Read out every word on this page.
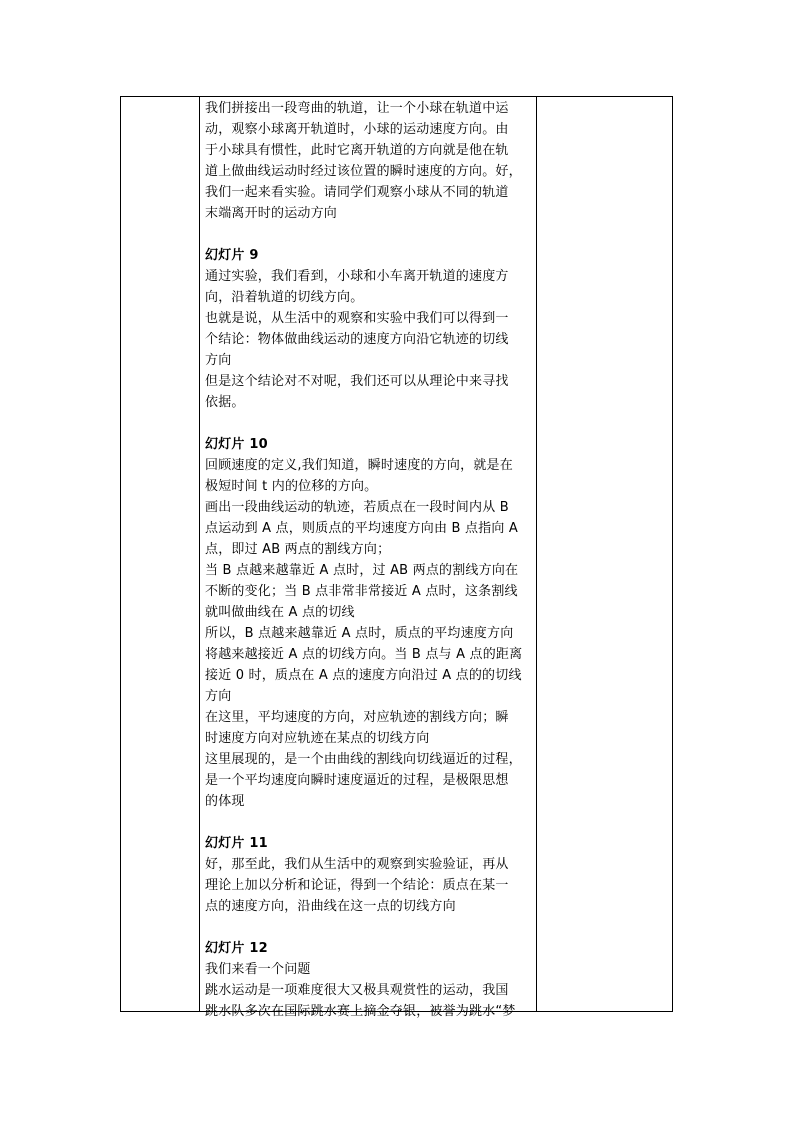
我们拼接出一段弯曲的轨道，让一个小球在轨道中运

动，观察小球离开轨道时，小球的运动速度方向。由

于小球具有惯性，此时它离开轨道的方向就是他在轨

道上做曲线运动时经过该位置的瞬时速度的方向。好，

我们一起来看实验。请同学们观察小球从不同的轨道

末端离开时的运动方向

幻灯片 9

通过实验，我们看到，小球和小车离开轨道的速度方

向，沿着轨道的切线方向。

也就是说，从生活中的观察和实验中我们可以得到一

个结论：物体做曲线运动的速度方向沿它轨迹的切线

方向

但是这个结论对不对呢，我们还可以从理论中来寻找

依据。

幻灯片 10

回顾速度的定义,我们知道，瞬时速度的方向，就是在

极短时间 t 内的位移的方向。

画出一段曲线运动的轨迹，若质点在一段时间内从 B

点运动到 A 点，则质点的平均速度方向由 B 点指向 A

点，即过 AB 两点的割线方向；

当 B 点越来越靠近 A 点时，过 AB 两点的割线方向在

不断的变化；当 B 点非常非常接近 A 点时，这条割线

就叫做曲线在 A 点的切线

所以，B 点越来越靠近 A 点时，质点的平均速度方向

将越来越接近 A 点的切线方向。当 B 点与 A 点的距离

接近 0 时，质点在 A 点的速度方向沿过 A 点的的切线

方向

在这里，平均速度的方向，对应轨迹的割线方向；瞬

时速度方向对应轨迹在某点的切线方向

这里展现的，是一个由曲线的割线向切线逼近的过程，

是一个平均速度向瞬时速度逼近的过程，是极限思想

的体现

幻灯片 11

好，那至此，我们从生活中的观察到实验验证，再从

理论上加以分析和论证，得到一个结论：质点在某一

点的速度方向，沿曲线在这一点的切线方向

幻灯片 12

我们来看一个问题

跳水运动是一项难度很大又极具观赏性的运动，我国

跳水队多次在国际跳水赛上摘金夺银，被誉为跳水“梦
